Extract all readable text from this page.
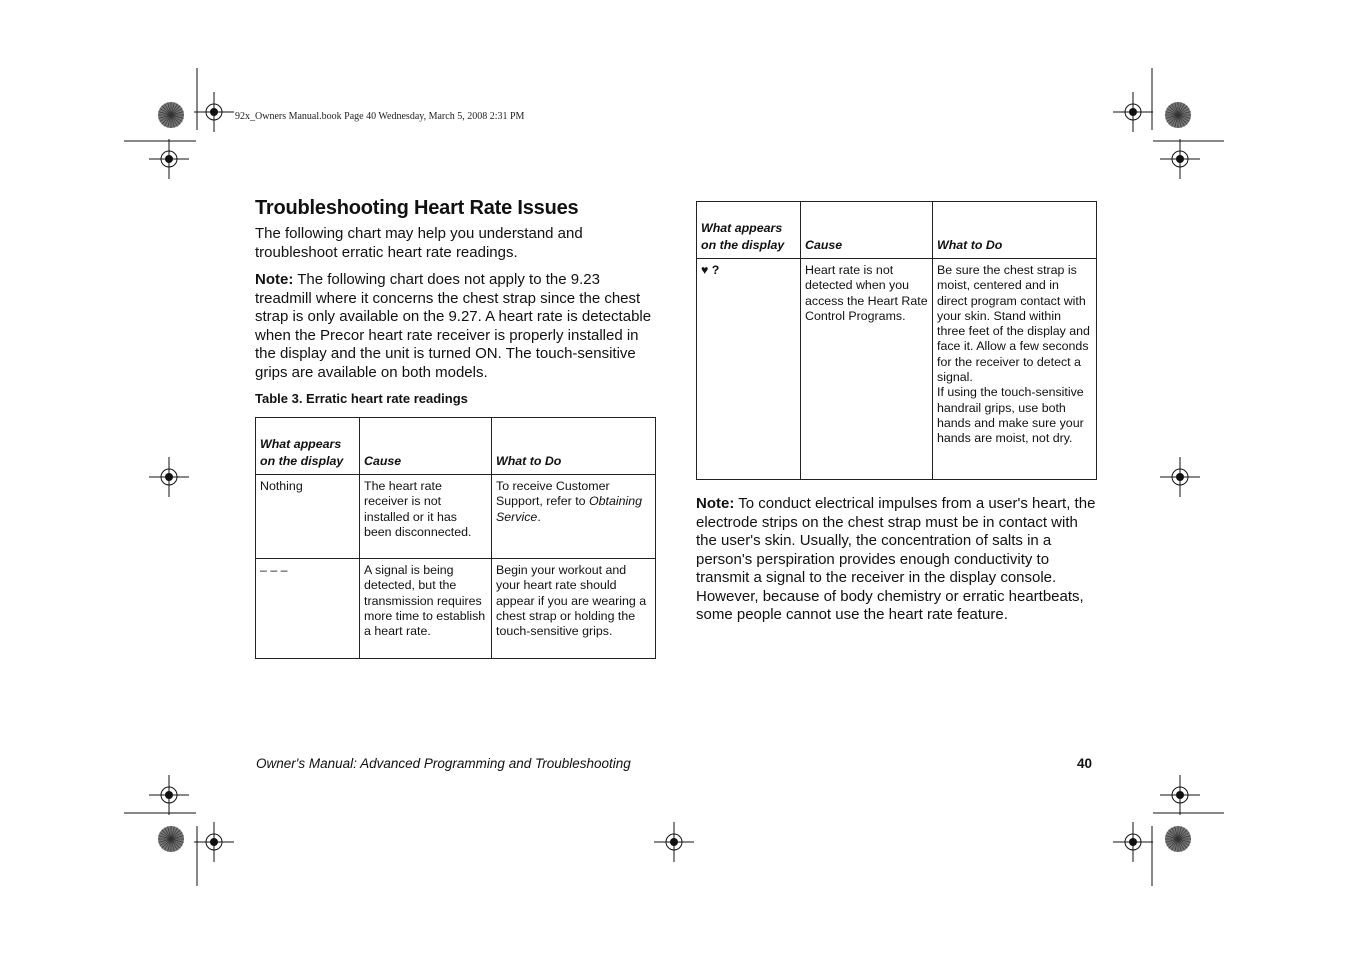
92x_Owners Manual.book Page 40 Wednesday, March 5, 2008 2:31 PM
Troubleshooting Heart Rate Issues

The following chart may help you understand and troubleshoot erratic heart rate readings.

Note: The following chart does not apply to the 9.23 treadmill where it concerns the chest strap since the chest strap is only available on the 9.27. A heart rate is detectable when the Precor heart rate receiver is properly installed in the display and the unit is turned ON. The touch-sensitive grips are available on both models.

Table 3. Erratic heart rate readings
What appears on the display	Cause	What to Do
Nothing	The heart rate receiver is not installed or it has been disconnected.	To receive Customer Support, refer to Obtaining Service.
– – –	A signal is being detected, but the transmission requires more time to establish a heart rate.	Begin your workout and your heart rate should appear if you are wearing a chest strap or holding the touch-sensitive grips.
What appears on the display	Cause	What to Do
♥ ?	Heart rate is not detected when you access the Heart Rate Control Programs.	Be sure the chest strap is moist, centered and in direct program contact with your skin. Stand within three feet of the display and face it. Allow a few seconds
for the receiver to detect a signal.
If using the touch-sensitive handrail grips, use both hands and make sure your hands are moist, not dry.

Note: To conduct electrical impulses from a user's heart, the electrode strips on the chest strap must be in contact with the user's skin. Usually, the concentration of salts in a person's perspiration provides enough conductivity to transmit a signal to the receiver in the display console. However, because of body chemistry or erratic heartbeats, some people cannot use the heart rate feature.

Owner's Manual: Advanced Programming and Troubleshooting	40
